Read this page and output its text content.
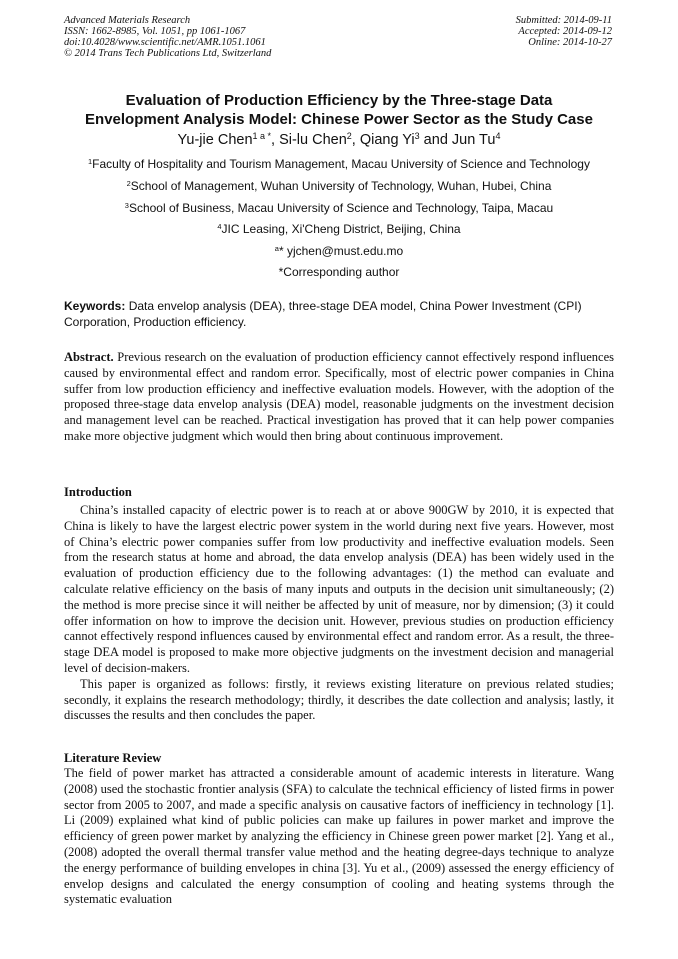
Advanced Materials Research
ISSN: 1662-8985, Vol. 1051, pp 1061-1067
doi:10.4028/www.scientific.net/AMR.1051.1061
© 2014 Trans Tech Publications Ltd, Switzerland
Submitted: 2014-09-11
Accepted: 2014-09-12
Online: 2014-10-27
Evaluation of Production Efficiency by the Three-stage Data
Envelopment Analysis Model: Chinese Power Sector as the Study Case
Yu-jie Chen$^{1 a *}$, Si-lu Chen$^2$, Qiang Yi$^3$ and Jun Tu$^4$
$^1$Faculty of Hospitality and Tourism Management, Macau University of Science and Technology
$^2$School of Management, Wuhan University of Technology, Wuhan, Hubei, China
$^3$School of Business, Macau University of Science and Technology, Taipa, Macau
$^4$JIC Leasing, Xi'Cheng District, Beijing, China
$^a$* yjchen@must.edu.mo
*Corresponding author
Keywords: Data envelop analysis (DEA), three-stage DEA model, China Power Investment (CPI) Corporation, Production efficiency.
Abstract. Previous research on the evaluation of production efficiency cannot effectively respond influences caused by environmental effect and random error. Specifically, most of electric power companies in China suffer from low production efficiency and ineffective evaluation models. However, with the adoption of the proposed three-stage data envelop analysis (DEA) model, reasonable judgments on the investment decision and management level can be reached. Practical investigation has proved that it can help power companies make more objective judgment which would then bring about continuous improvement.
Introduction

China’s installed capacity of electric power is to reach at or above 900GW by 2010, it is expected that China is likely to have the largest electric power system in the world during next five years. However, most of China’s electric power companies suffer from low productivity and ineffective evaluation models. Seen from the research status at home and abroad, the data envelop analysis (DEA) has been widely used in the evaluation of production efficiency due to the following advantages: (1) the method can evaluate and calculate relative efficiency on the basis of many inputs and outputs in the decision unit simultaneously; (2) the method is more precise since it will neither be affected by unit of measure, nor by dimension; (3) it could offer information on how to improve the decision unit. However, previous studies on production efficiency cannot effectively respond influences caused by environmental effect and random error. As a result, the three-stage DEA model is proposed to make more objective judgments on the investment decision and managerial level of decision-makers.

This paper is organized as follows: firstly, it reviews existing literature on previous related studies; secondly, it explains the research methodology; thirdly, it describes the date collection and analysis; lastly, it discusses the results and then concludes the paper.

Literature Review

The field of power market has attracted a considerable amount of academic interests in literature. Wang (2008) used the stochastic frontier analysis (SFA) to calculate the technical efficiency of listed firms in power sector from 2005 to 2007, and made a specific analysis on causative factors of inefficiency in technology [1]. Li (2009) explained what kind of public policies can make up failures in power market and improve the efficiency of green power market by analyzing the efficiency in Chinese green power market [2]. Yang et al., (2008) adopted the overall thermal transfer value method and the heating degree-days technique to analyze the energy performance of building envelopes in china [3]. Yu et al., (2009) assessed the energy efficiency of envelop designs and calculated the energy consumption of cooling and heating systems through the systematic evaluation
